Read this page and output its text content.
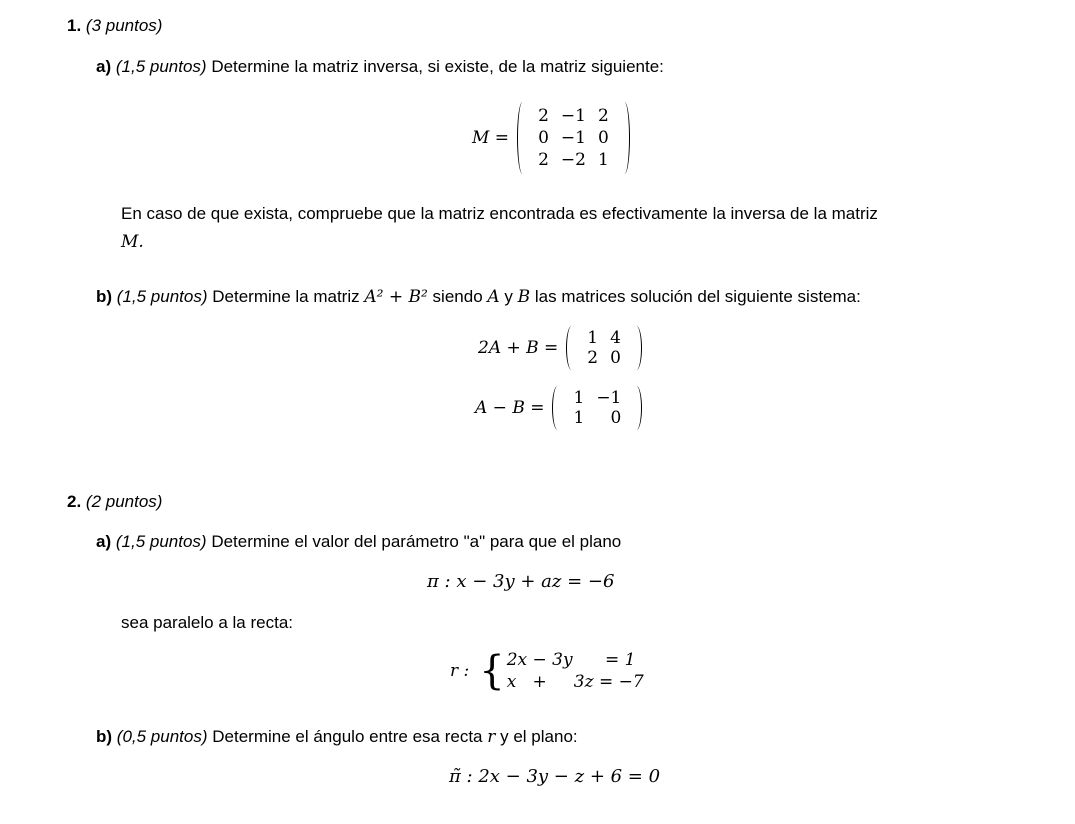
1. (3 puntos)
a) (1,5 puntos) Determine la matriz inversa, si existe, de la matriz siguiente:
M =
2 −1 2
0 −1 0
2 −2 1
En caso de que exista, compruebe que la matriz encontrada es efectivamente la inversa de la matriz
M.
b) (1,5 puntos) Determine la matriz A² + B² siendo A y B las matrices solución del siguiente sistema:
2A + B =	1 4
2 0
A − B =	1 −1
1	0
2. (2 puntos)
a) (1,5 puntos) Determine el valor del parámetro "a" para que el plano
π : x − 3y + az = −6
sea paralelo a la recta:
r : { 2x − 3y      = 1
x   +     3z = −7
b) (0,5 puntos) Determine el ángulo entre esa recta r y el plano:
π̃ : 2x − 3y − z + 6 = 0
